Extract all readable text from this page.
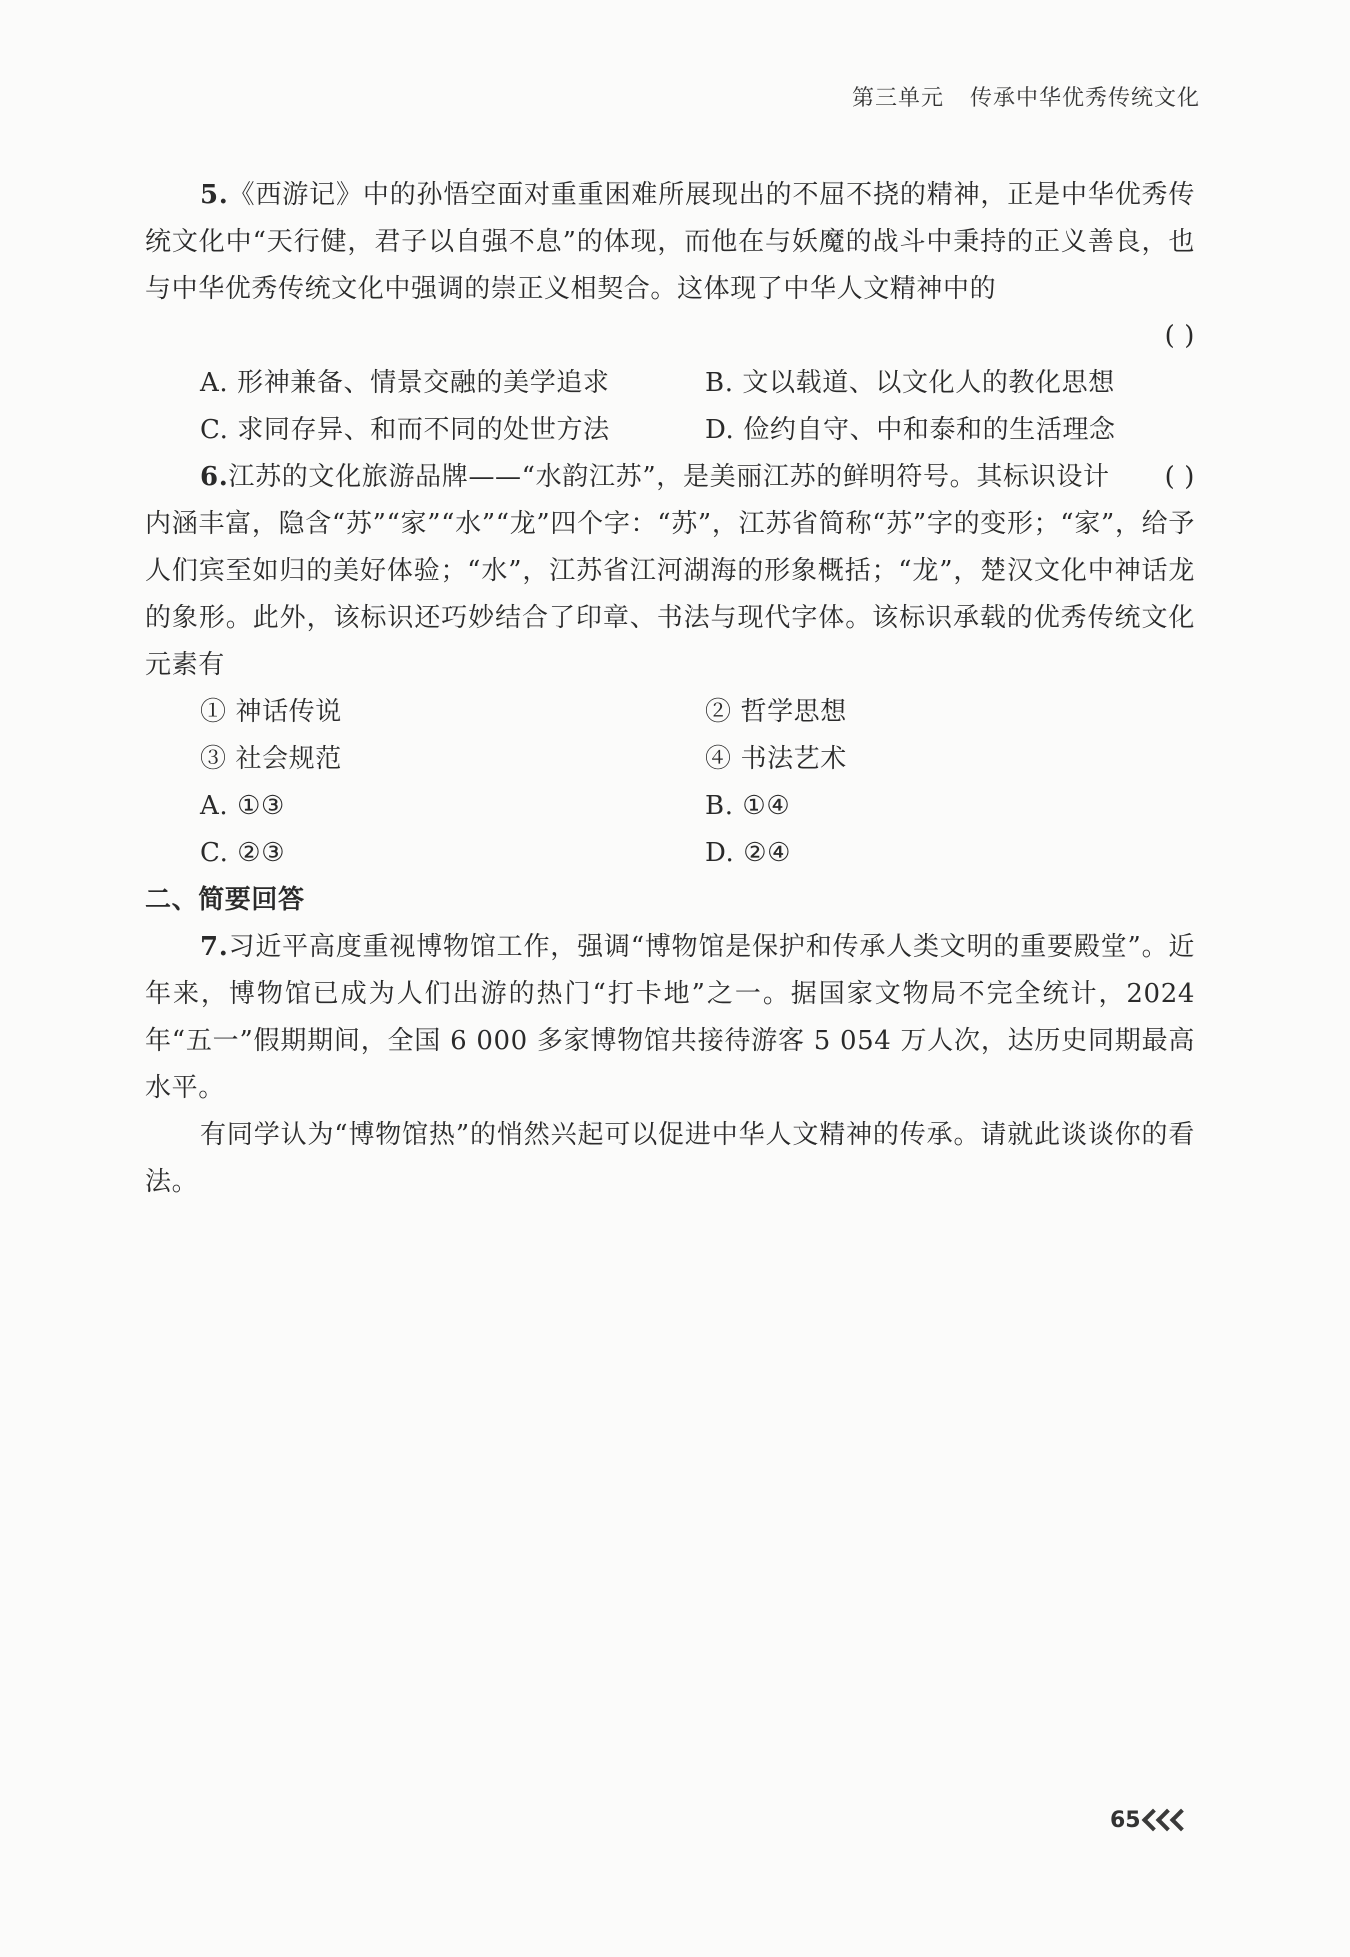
第三单元 传承中华优秀传统文化

5.《西游记》中的孙悟空面对重重困难所展现出的不屈不挠的精神，正是中华优秀传统文化中“天行健，君子以自强不息”的体现，而他在与妖魔的战斗中秉持的正义善良，也与中华优秀传统文化中强调的崇正义相契合。这体现了中华人文精神中的

( )

A. 形神兼备、情景交融的美学追求	B. 文以载道、以文化人的教化思想
C. 求同存异、和而不同的处世方法	D. 俭约自守、中和泰和的生活理念

( )
6.江苏的文化旅游品牌——“水韵江苏”，是美丽江苏的鲜明符号。其标识设计内涵丰富，隐含“苏”“家”“水”“龙”四个字：“苏”，江苏省简称“苏”字的变形；“家”，给予人们宾至如归的美好体验；“水”，江苏省江河湖海的形象概括；“龙”，楚汉文化中神话龙的象形。此外，该标识还巧妙结合了印章、书法与现代字体。该标识承载的优秀传统文化元素有

① 神话传说	② 哲学思想
③ 社会规范	④ 书法艺术
A. ①③	B. ①④
C. ②③	D. ②④

二、简要回答

7.习近平高度重视博物馆工作，强调“博物馆是保护和传承人类文明的重要殿堂”。近年来，博物馆已成为人们出游的热门“打卡地”之一。据国家文物局不完全统计，2024年“五一”假期期间，全国 6 000 多家博物馆共接待游客 5 054 万人次，达历史同期最高水平。

有同学认为“博物馆热”的悄然兴起可以促进中华人文精神的传承。请就此谈谈你的看法。

65
